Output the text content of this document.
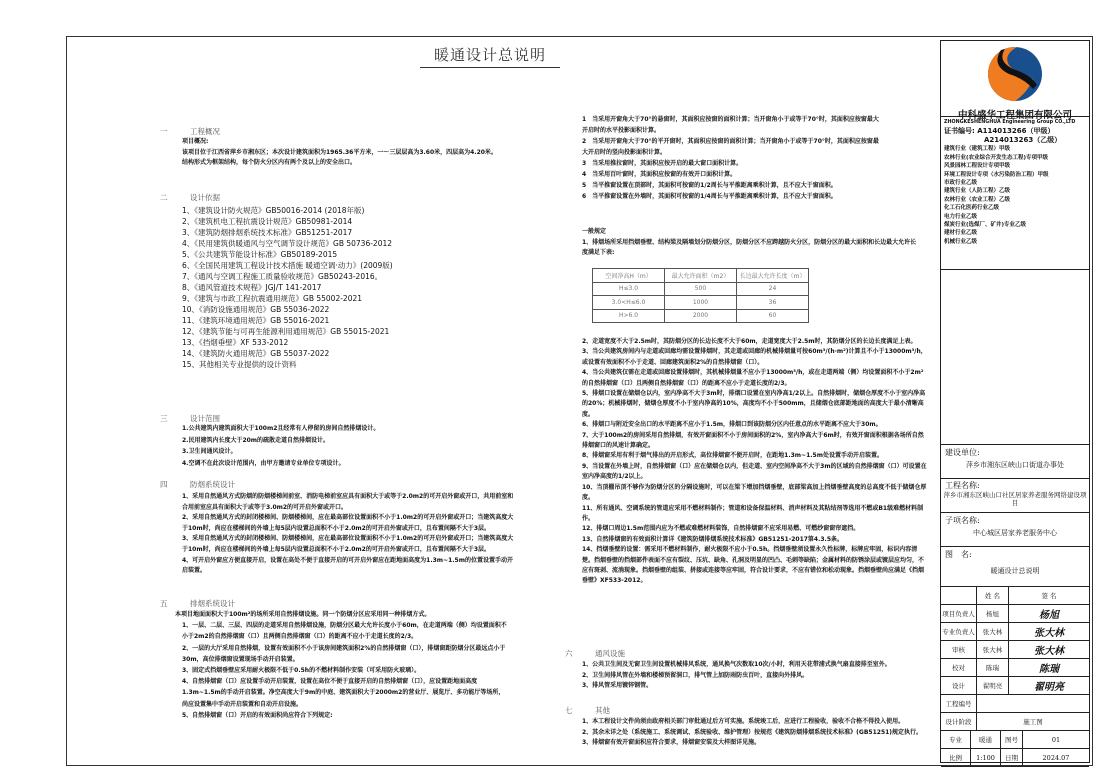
暖通设计总说明
一	工程概况
项目概况:
该项目位于江西省萍乡市湘东区；本次设计建筑面积为1965.36平方米，一～三层层高为3.60米，四层高为4.20米。
结构形式为框架结构，每个防火分区内有两个及以上的安全出口。
二	设计依据
1、《建筑设计防火规范》GB50016-2014 (2018年版)
2、《建筑机电工程抗震设计规范》GB50981-2014
3、《建筑防烟排烟系统技术标准》GB51251-2017
4、《民用建筑供暖通风与空气调节设计规范》GB 50736-2012
5、《公共建筑节能设计标准》GB50189-2015
6、《全国民用建筑工程设计技术措施 暖通空调·动力》(2009版)
7、《通风与空调工程施工质量验收规范》GB50243-2016。
8、《通风管道技术规程》JGJ/T 141-2017
9、《建筑与市政工程抗震通用规范》GB 55002-2021
10、《消防设施通用规范》GB 55036-2022
11、《建筑环境通用规范》GB 55016-2021
12、《建筑节能与可再生能源利用通用规范》GB 55015-2021
13、《挡烟垂壁》XF 533-2012
14、《建筑防火通用规范》GB 55037-2022
15、其他相关专业提供的设计资料
三	设计范围
1.公共建筑内建筑面积大于100m2且经常有人停留的房间自然排烟设计。
2.民用建筑内长度大于20m的疏散走道自然排烟设计。
3.卫生间通风设计。
4.空调不在此次设计范围内，由甲方邀请专业单位专项设计。
四	防烟系统设计
1、采用自然通风方式防烟的防烟楼梯间前室、消防电梯前室应具有面积大于或等于2.0m2的可开启外窗或开口，共用前室和合用前室应具有面积大于或等于3.0m2的可开启外窗或开口。
2、采用自然通风方式的封闭楼梯间、防烟楼梯间，应在最高部位设置面积不小于1.0m2的可开启外窗或开口；当建筑高度大于10m时，尚应在楼梯间的外墙上每5层内设置总面积不小于2.0m2的可开启外窗或开口，且布置间隔不大于3层。
3、采用自然通风方式的封闭楼梯间、防烟楼梯间，应在最高部位设置面积不小于1.0m2的可开启外窗或开口；当建筑高度大于10m时，尚应在楼梯间的外墙上每5层内设置总面积不小于2.0m2的可开启外窗或开口，且布置间隔不大于3层。
4、可开启外窗应方便直接开启，设置在高处不便于直接开启的可开启外窗应在距地面高度为1.3m~1.5m的位置设置手动开启装置。
五	排烟系统设计
本项目地面面积大于100m²的场所采用自然排烟设施。同一个防烟分区应采用同一种排烟方式。
1、一层、二层、三层、四层的走道采用自然排烟设施，防烟分区最大允许长度小于60m，在走道两端（侧）均设置面积不小于2m2的自然排烟窗（口）且两侧自然排烟窗（口）的距离不应小于走道长度的2/3。
2、一层的大厅采用自然排烟，设置有效面积不小于该房间建筑面积2%的自然排烟窗（口），排烟窗距防烟分区最远点小于30m，高位排烟窗设置现场手动开启装置。
3、固定式挡烟垂壁应采用耐火极限不低于0.5h的不燃材料制作安装（可采用防火玻璃）。
4、自然排烟窗（口）应设置手动开启装置，设置在高位不便于直接开启的自然排烟窗（口），应设置距地面高度1.3m~1.5m的手动开启装置。净空高度大于9m的中庭、建筑面积大于2000m2的营业厅、展览厅、多功能厅等场所，尚应设置集中手动开启装置和自动开启设施。
5、自然排烟窗（口）开启的有效面积尚应符合下列规定:
1　当采用开窗角大于70°的悬窗时，其面积应按窗的面积计算；当开窗角小于或等于70°时，其面积应按窗最大开启时的水平投影面积计算。
2　当采用开窗角大于70°的平开窗时，其面积应按窗的面积计算；当开窗角小于或等于70°时，其面积应按窗最大开启时的竖向投影面积计算。
3　当采用推拉窗时，其面积应按开启的最大窗口面积计算。
4　当采用百叶窗时，其面积应按窗的有效开口面积计算。
5　当平推窗设置在顶部时，其面积可按窗的1/2周长与平推距离乘积计算，且不应大于窗面积。
6　当平推窗设置在外墙时，其面积可按窗的1/4周长与平推距离乘积计算，且不应大于窗面积。
一般规定
1、排烟场所采用挡烟垂壁、结构梁及隔墙划分防烟分区，防烟分区不应跨越防火分区，防烟分区的最大面积和长边最大允许长度满足下表:
空间净高H（m）	最大允许面积（m2）	长边最大允许长度（m）
H≤3.0	500	24
3.0<H≤6.0	1000	36
H>6.0	2000	60
2、走道宽度不大于2.5m时，其防烟分区的长边长度不大于60m，走道宽度大于2.5m时，其防烟分区的长边长度满足上表。
3、当公共建筑房间内与走道或回廊均需设置排烟时，其走道或回廊的机械排烟量可按60m³/(h·m²)计算且不小于13000m³/h，或设置有效面积不小于走道、回廊建筑面积2%的自然排烟窗（口）。
4、当公共建筑仅需在走道或回廊设置排烟时，其机械排烟量不应小于13000m³/h，或在走道两端（侧）均设置面积不小于2m²的自然排烟窗（口）且两侧自然排烟窗（口）的距离不应小于走道长度的2/3。
5、排烟口设置在储烟仓以内，室内净高不大于3m时，排烟口设置在室内净高1/2以上。自然排烟时，储烟仓厚度不小于室内净高的20%；机械排烟时，储烟仓厚度不小于室内净高的10%，高度均不小于500mm，且储烟仓底部距地面的高度大于最小清晰高度。
6、排烟口与附近安全出口的水平距离不应小于1.5m，排烟口到该防烟分区内任意点的水平距离不应大于30m。
7、大于100m2的房间采用自然排烟，有效开窗面积不小于房间面积的2%，室内净高大于6m时，有效开窗面积根据各场所自然排烟窗口的风速计算确定。
8、排烟窗采用有利于烟气排出的开启形式，高位排烟窗不便开启时，在距地1.3m~1.5m处设置手动开启装置。
9、当设置在外墙上时，自然排烟窗（口）应在储烟仓以内，但走道、室内空间净高不大于3m的区域的自然排烟窗（口）可设置在室内净高度的1/2以上。
10、当顶棚吊顶不够作为防烟分区的分隔设施时，可以在梁下增加挡烟垂壁，底部梁高加上挡烟垂壁高度的总高度不低于储烟仓厚度。
11、所有通风、空调系统的管道应采用不燃材料制作；管道和设备保温材料、消声材料及其粘结剂等选用不燃或B1级难燃材料制作。
12、排烟口周边1.5m范围内应为不燃或难燃材料装饰，自然排烟窗不应采用易燃、可燃纱窗窗帘遮挡。
13、自然排烟窗的有效面积计算详《建筑防烟排烟系统技术标准》GB51251-2017第4.3.5条。
14、挡烟垂壁的设置：需采用不燃材料制作，耐火极限不应小于0.5h。挡烟垂壁须设置永久性标牌，标牌应牢固，标识内容清楚。挡烟垂壁的挡烟部件表面不应有裂纹、压坑、缺角、孔洞及明显的凹凸、毛刺等缺陷；金属材料的防锈涂层或镀层应均匀，不应有斑剥、流淌现象。挡烟垂壁的组装、拼接或连接等应牢固，符合设计要求，不应有错位和松动现象。挡烟垂壁尚应满足《挡烟垂壁》XF533-2012。
六	通风设施
1、公共卫生间及无窗卫生间设置机械排风系统，通风换气次数取10次/小时，利用天花带浦式换气扇直接排至室外。
2、卫生间排风管在外墙和楼梯预留洞口，排气管上加防雨防虫百叶，直接向外排风。
3、排风管采用镀锌钢管。
七	其他
1、本工程设计文件尚须由政府相关部门审批通过后方可实施。系统竣工后，应进行工程验收，验收不合格不得投入使用。
2、其余未详之处（系统施工、系统调试、系统验收、维护管理）按规范《建筑防烟排烟系统技术标准》(GB51251)规定执行。
3、排烟窗有效开窗面积应符合要求，排烟窗安装及大样图详见施。
中科盛华工程集团有限公司
ZHONGKESHENGHUA Engineering Group CO.,LTD
证书编号: A114013266（甲级）
A214013263（乙级）
建筑行业（建筑工程）甲级
农林行业(农业综合开发生态工程)专项甲级
风景园林工程设计专项甲级
环境工程设计专项（水污染防治工程）甲级
市政行业乙级
建筑行业（人防工程）乙级
农林行业（农业工程）乙级
化工石化医药行业乙级
电力行业乙级
煤炭行业(选煤厂、矿井)专业乙级
建材行业乙级
机械行业乙级
建设单位:
萍乡市湘东区峡山口街道办事处
工程名称:
萍乡市湘东区峡山口社区居家养老服务网络建设项目
子项名称:
中心城区居家养老服务中心
图　名:
暖通设计总说明
姓 名	签 名
项目负责人	杨旭	杨旭
专业负责人	张大林	张大林
审核	张大林	张大林
校对	陈瑞	陈瑞
设计	翟明亮	翟明亮
工程编号
设计阶段	施工图
专业	暖通	图号	01
比例	1:100	日期	2024.07
